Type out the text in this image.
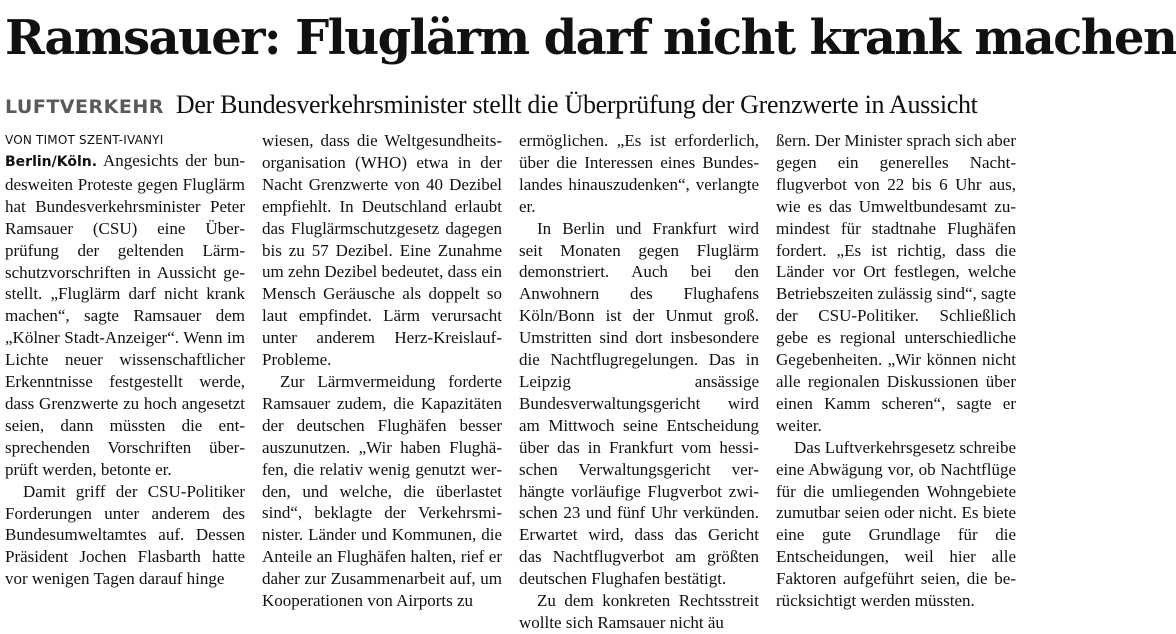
Ramsauer: Fluglärm darf nicht krank machen
LUFTVERKEHR Der Bundesverkehrsminister stellt die Überprüfung der Grenzwerte in Aussicht

VON TIMOT SZENT-IVANYI

Berlin/Köln. Angesichts der bundesweiten Proteste gegen Fluglärm hat Bundesverkehrsminister Peter Ramsauer (CSU) eine Überprüfung der geltenden Lärmschutzvorschriften in Aussicht gestellt. „Fluglärm darf nicht krank machen“, sagte Ramsauer dem „Kölner Stadt-Anzeiger“. Wenn im Lichte neuer wissenschaftlicher Erkenntnisse festgestellt werde, dass Grenzwerte zu hoch angesetzt seien, dann müssten die entsprechenden Vorschriften überprüft werden, betonte er.

Damit griff der CSU-Politiker Forderungen unter anderem des Bundesumweltamtes auf. Dessen Präsident Jochen Flasbarth hatte vor wenigen Tagen darauf hinge

wiesen, dass die Weltgesundheitsorganisation (WHO) etwa in der Nacht Grenzwerte von 40 Dezibel empfiehlt. In Deutschland erlaubt das Fluglärmschutzgesetz dagegen bis zu 57 Dezibel. Eine Zunahme um zehn Dezibel bedeutet, dass ein Mensch Geräusche als doppelt so laut empfindet. Lärm verursacht unter anderem Herz-Kreislauf-Probleme.

Zur Lärmvermeidung forderte Ramsauer zudem, die Kapazitäten der deutschen Flughäfen besser auszunutzen. „Wir haben Flughäfen, die relativ wenig genutzt werden, und welche, die überlastet sind“, beklagte der Verkehrsminister. Länder und Kommunen, die Anteile an Flughäfen halten, rief er daher zur Zusammenarbeit auf, um Kooperationen von Airports zu

ermöglichen. „Es ist erforderlich, über die Interessen eines Bundeslandes hinauszudenken“, verlangte er.

In Berlin und Frankfurt wird seit Monaten gegen Fluglärm demonstriert. Auch bei den Anwohnern des Flughafens Köln/Bonn ist der Unmut groß. Umstritten sind dort insbesondere die Nachtflugregelungen. Das in Leipzig ansässige Bundesverwaltungsgericht wird am Mittwoch seine Entscheidung über das in Frankfurt vom hessischen Verwaltungsgericht verhängte vorläufige Flugverbot zwischen 23 und fünf Uhr verkünden. Erwartet wird, dass das Gericht das Nachtflugverbot am größten deutschen Flughafen bestätigt.

Zu dem konkreten Rechtsstreit wollte sich Ramsauer nicht äu

ßern. Der Minister sprach sich aber gegen ein generelles Nachtflugverbot von 22 bis 6 Uhr aus, wie es das Umweltbundesamt zumindest für stadtnahe Flughäfen fordert. „Es ist richtig, dass die Länder vor Ort festlegen, welche Betriebszeiten zulässig sind“, sagte der CSU-Politiker. Schließlich gebe es regional unterschiedliche Gegebenheiten. „Wir können nicht alle regionalen Diskussionen über einen Kamm scheren“, sagte er weiter.

Das Luftverkehrsgesetz schreibe eine Abwägung vor, ob Nachtflüge für die umliegenden Wohngebiete zumutbar seien oder nicht. Es biete eine gute Grundlage für die Entscheidungen, weil hier alle Faktoren aufgeführt seien, die berücksichtigt werden müssten.
